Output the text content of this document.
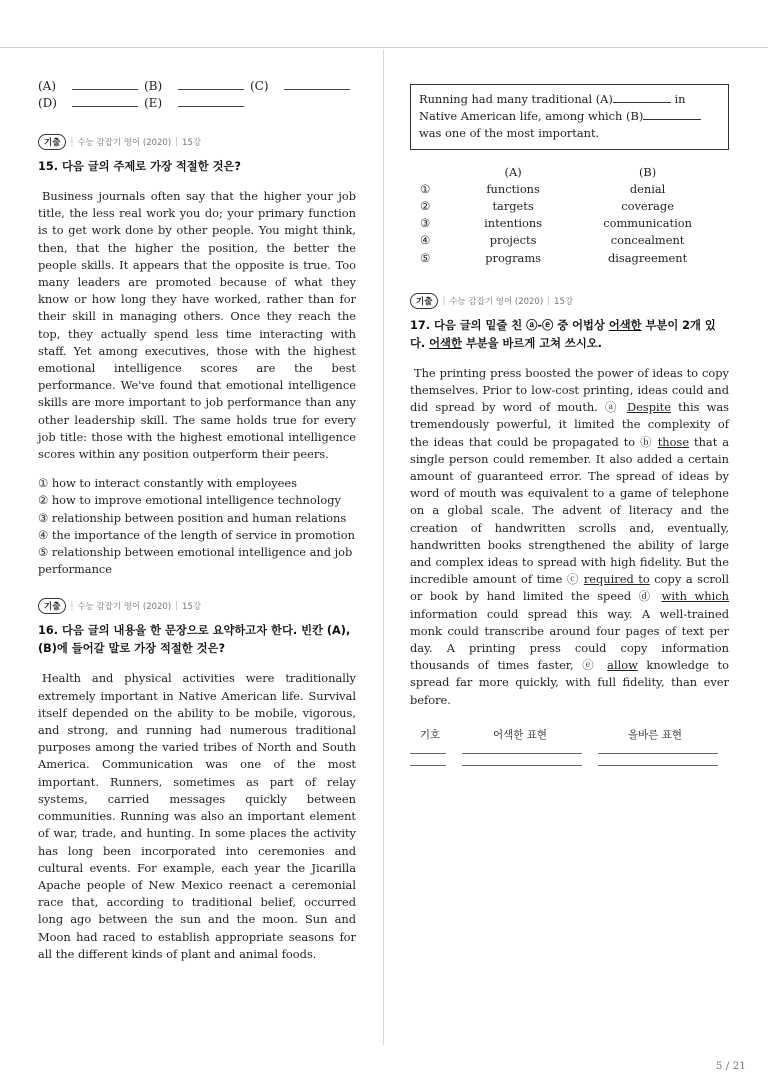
(A)	(B)	(C)
(D)	(E)
기출	| 수능 감잡기 영어 (2020) | 15강
15. 다음 글의 주제로 가장 적절한 것은?
Business journals often say that the higher your job title, the less real work you do; your primary function is to get work done by other people. You might think, then, that the higher the position, the better the people skills. It appears that the opposite is true. Too many leaders are promoted because of what they know or how long they have worked, rather than for their skill in managing others. Once they reach the top, they actually spend less time interacting with staff. Yet among executives, those with the highest emotional intelligence scores are the best performance. We've found that emotional intelligence skills are more important to job performance than any other leadership skill. The same holds true for every job title: those with the highest emotional intelligence scores within any position outperform their peers.
① how to interact constantly with employees
② how to improve emotional intelligence technology
③ relationship between position and human relations
④ the importance of the length of service in promotion
⑤ relationship between emotional intelligence and job performance
기출	| 수능 감잡기 영어 (2020) | 15강
16. 다음 글의 내용을 한 문장으로 요약하고자 한다. 빈칸 (A), (B)에 들어갈 말로 가장 적절한 것은?
Health and physical activities were traditionally extremely important in Native American life. Survival itself depended on the ability to be mobile, vigorous, and strong, and running had numerous traditional purposes among the varied tribes of North and South America. Communication was one of the most important. Runners, sometimes as part of relay systems, carried messages quickly between communities. Running was also an important element of war, trade, and hunting. In some places the activity has long been incorporated into ceremonies and cultural events. For example, each year the Jicarilla Apache people of New Mexico reenact a ceremonial race that, according to traditional belief, occurred long ago between the sun and the moon. Sun and Moon had raced to establish appropriate seasons for all the different kinds of plant and animal foods.
Running had many traditional (A)	in Native American life, among which (B) was one of the most important.
	(A)	(B)
①	functions	denial
②	targets	coverage
③	intentions	communication
④	projects	concealment
⑤	programs	disagreement
기출	| 수능 감잡기 영어 (2020) | 15강
17. 다음 글의 밑줄 친 ⓐ-ⓔ 중 어법상 어색한 부분이 2개 있다. 어색한 부분을 바르게 고쳐 쓰시오.
The printing press boosted the power of ideas to copy themselves. Prior to low-cost printing, ideas could and did spread by word of mouth. ⓐ Despite this was tremendously powerful, it limited the complexity of the ideas that could be propagated to ⓑ those that a single person could remember. It also added a certain amount of guaranteed error. The spread of ideas by word of mouth was equivalent to a game of telephone on a global scale. The advent of literacy and the creation of handwritten scrolls and, eventually, handwritten books strengthened the ability of large and complex ideas to spread with high fidelity. But the incredible amount of time ⓒ required to copy a scroll or book by hand limited the speed ⓓ with which information could spread this way. A well-trained monk could transcribe around four pages of text per day. A printing press could copy information thousands of times faster, ⓔ allow knowledge to spread far more quickly, with full fidelity, than ever before.
기호	어색한 표현	올바른 표현
5 / 21
